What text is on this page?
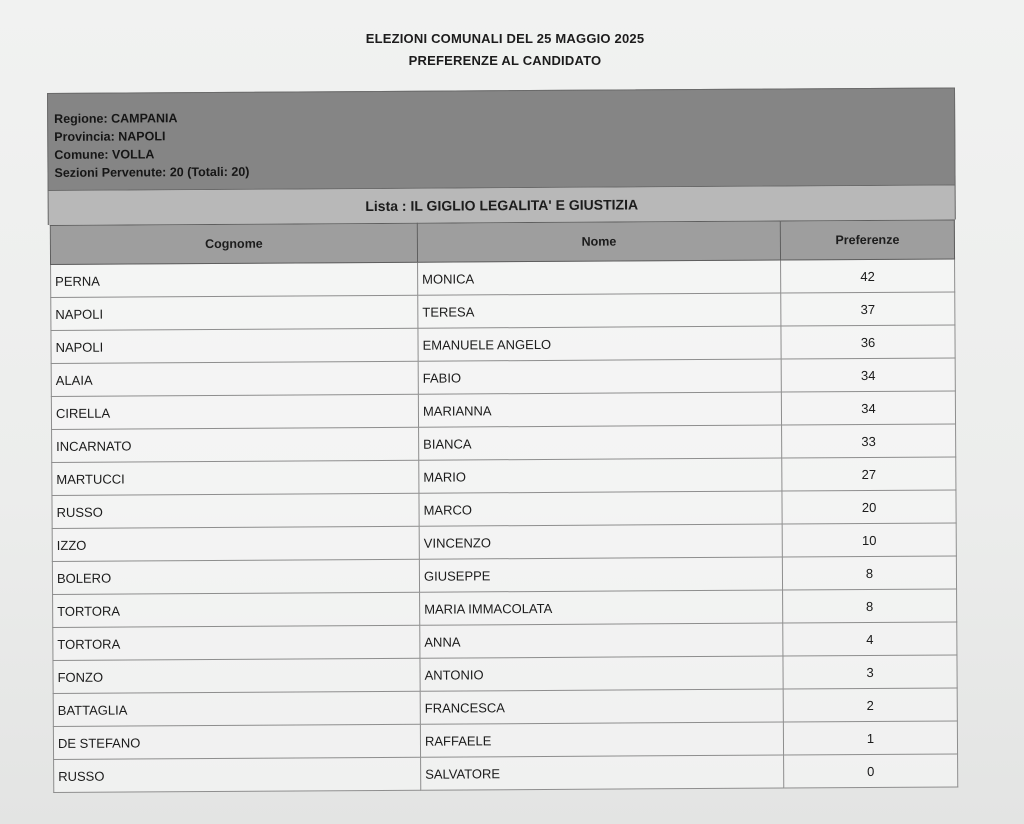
ELEZIONI COMUNALI DEL 25 MAGGIO 2025
PREFERENZE AL CANDIDATO
Regione: CAMPANIA
Provincia: NAPOLI
Comune: VOLLA
Sezioni Pervenute: 20 (Totali: 20)
Lista : IL GIGLIO LEGALITA' E GIUSTIZIA
Cognome	Nome	Preferenze
PERNA	MONICA	42
NAPOLI	TERESA	37
NAPOLI	EMANUELE ANGELO	36
ALAIA	FABIO	34
CIRELLA	MARIANNA	34
INCARNATO	BIANCA	33
MARTUCCI	MARIO	27
RUSSO	MARCO	20
IZZO	VINCENZO	10
BOLERO	GIUSEPPE	8
TORTORA	MARIA IMMACOLATA	8
TORTORA	ANNA	4
FONZO	ANTONIO	3
BATTAGLIA	FRANCESCA	2
DE STEFANO	RAFFAELE	1
RUSSO	SALVATORE	0
